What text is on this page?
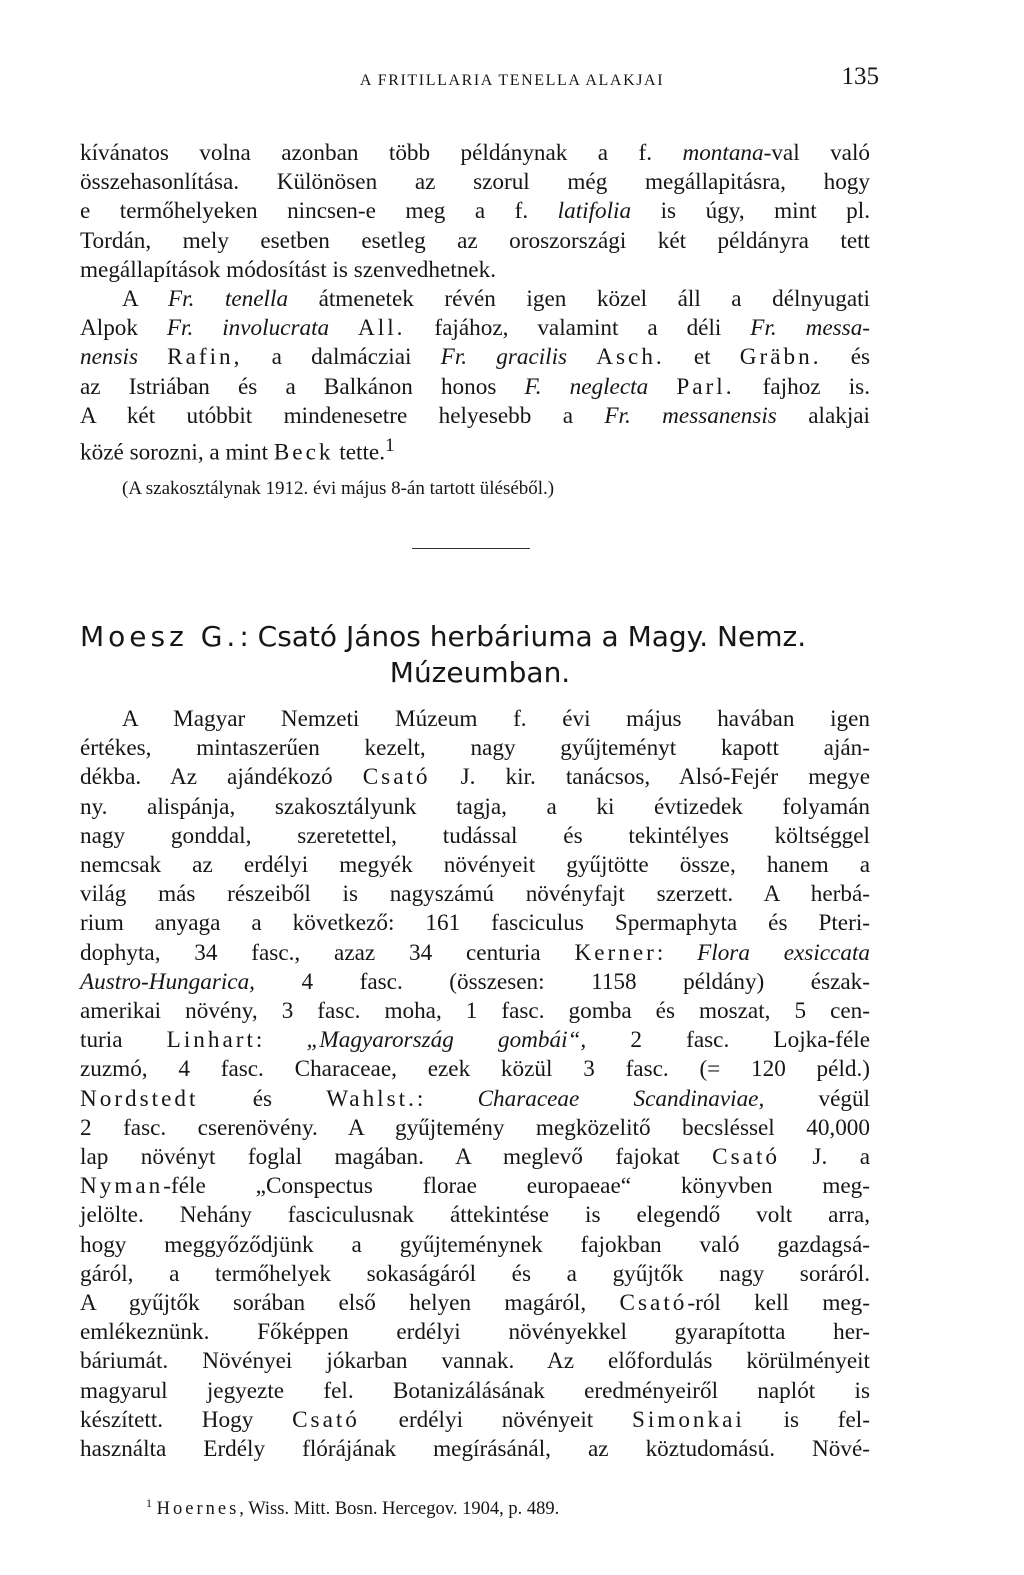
A FRITILLARIA TENELLA ALAKJAI	135
kívánatos volna azonban több példánynak a f. montana-val való
összehasonlítása. Különösen az szorul még megállapitásra, hogy
e termőhelyeken nincsen-e meg a f. latifolia is úgy, mint pl.
Tordán, mely esetben esetleg az oroszországi két példányra tett
megállapítások módosítást is szenvedhetnek.
A Fr. tenella átmenetek révén igen közel áll a délnyugati
Alpok Fr. involucrata All. fajához, valamint a déli Fr. messa-
nensis Rafin, a dalmácziai Fr. gracilis Asch. et Gräbn. és
az Istriában és a Balkánon honos F. neglecta Parl. fajhoz is.
A két utóbbit mindenesetre helyesebb a Fr. messanensis alakjai
közé sorozni, a mint Beck tette.$^1$
(A szakosztálynak 1912. évi május 8-án tartott üléséből.)
Moesz G.: Csató János herbáriuma a Magy. Nemz.
Múzeumban.
A Magyar Nemzeti Múzeum f. évi május havában igen
értékes, mintaszerűen kezelt, nagy gyűjteményt kapott aján-
dékba. Az ajándékozó Csató J. kir. tanácsos, Alsó-Fejér megye
ny. alispánja, szakosztályunk tagja, a ki évtizedek folyamán
nagy gonddal, szeretettel, tudással és tekintélyes költséggel
nemcsak az erdélyi megyék növényeit gyűjtötte össze, hanem a
világ más részeiből is nagyszámú növényfajt szerzett. A herbá-
rium anyaga a következő: 161 fasciculus Spermaphyta és Pteri-
dophyta, 34 fasc., azaz 34 centuria Kerner: Flora exsiccata
Austro-Hungarica, 4 fasc. (összesen: 1158 példány) észak-
amerikai növény, 3 fasc. moha, 1 fasc. gomba és moszat, 5 cen-
turia Linhart: „Magyarország gombái“, 2 fasc. Lojka-féle
zuzmó, 4 fasc. Characeae, ezek közül 3 fasc. (= 120 péld.)
Nordstedt és Wahlst.: Characeae Scandinaviae, végül
2 fasc. cserenövény. A gyűjtemény megközelitő becsléssel 40,000
lap növényt foglal magában. A meglevő fajokat Csató J. a
Nyman-féle „Conspectus florae europaeae“ könyvben meg-
jelölte. Nehány fasciculusnak áttekintése is elegendő volt arra,
hogy meggyőződjünk a gyűjteménynek fajokban való gazdagsá-
gáról, a termőhelyek sokaságáról és a gyűjtők nagy soráról.
A gyűjtők sorában első helyen magáról, Csató-ról kell meg-
emlékeznünk. Főképpen erdélyi növényekkel gyarapította her-
báriumát. Növényei jókarban vannak. Az előfordulás körülményeit
magyarul jegyezte fel. Botanizálásának eredményeiről naplót is
készített. Hogy Csató erdélyi növényeit Simonkai is fel-
használta Erdély flórájának megírásánál, az köztudomású. Növé-
$^1$ Hoernes, Wiss. Mitt. Bosn. Hercegov. 1904, p. 489.
